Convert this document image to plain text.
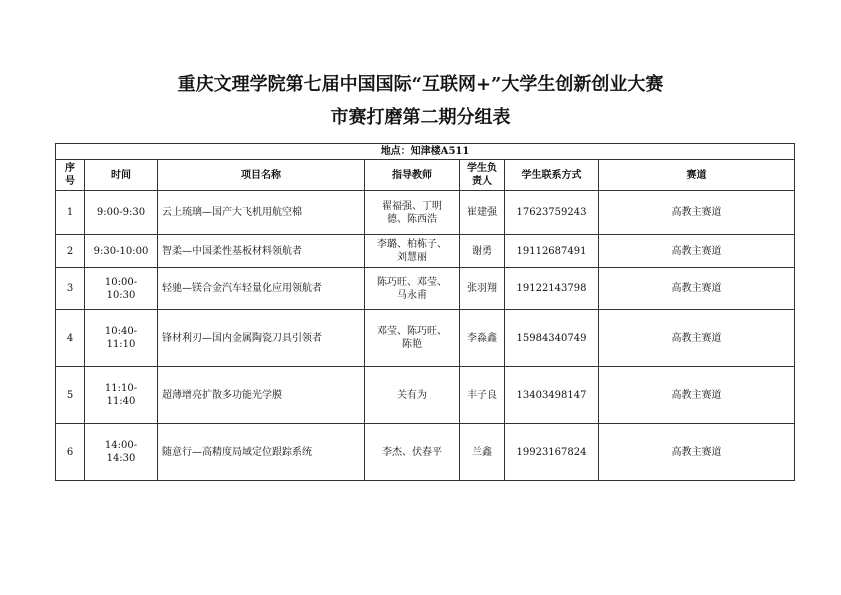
重庆文理学院第七届中国国际“互联网+”大学生创新创业大赛
市赛打磨第二期分组表
地点：知津楼A511						
序号	时间	项目名称	指导教师	学生负责人	学生联系方式	赛道
1	9:00-9:30	云上琉璃—国产大飞机用航空棉	翟福强、丁明德、陈西浩	崔建强	17623759243	高教主赛道
2	9:30-10:00	智柔—中国柔性基板材料领航者	李璐、柏栋子、刘慧丽	谢勇	19112687491	高教主赛道
3	10:00-10:30	轻驰—镁合金汽车轻量化应用领航者	陈巧旺、邓莹、马永甫	张羽翔	19122143798	高教主赛道
4	10:40-11:10	锋材利刃—国内金属陶瓷刀具引领者	邓莹、陈巧旺、陈艳	李淼鑫	15984340749	高教主赛道
5	11:10-11:40	超薄增亮扩散多功能光学膜	关有为	丰子良	13403498147	高教主赛道
6	14:00-14:30	随意行—高精度局域定位跟踪系统	李杰、伏春平	兰鑫	19923167824	高教主赛道
